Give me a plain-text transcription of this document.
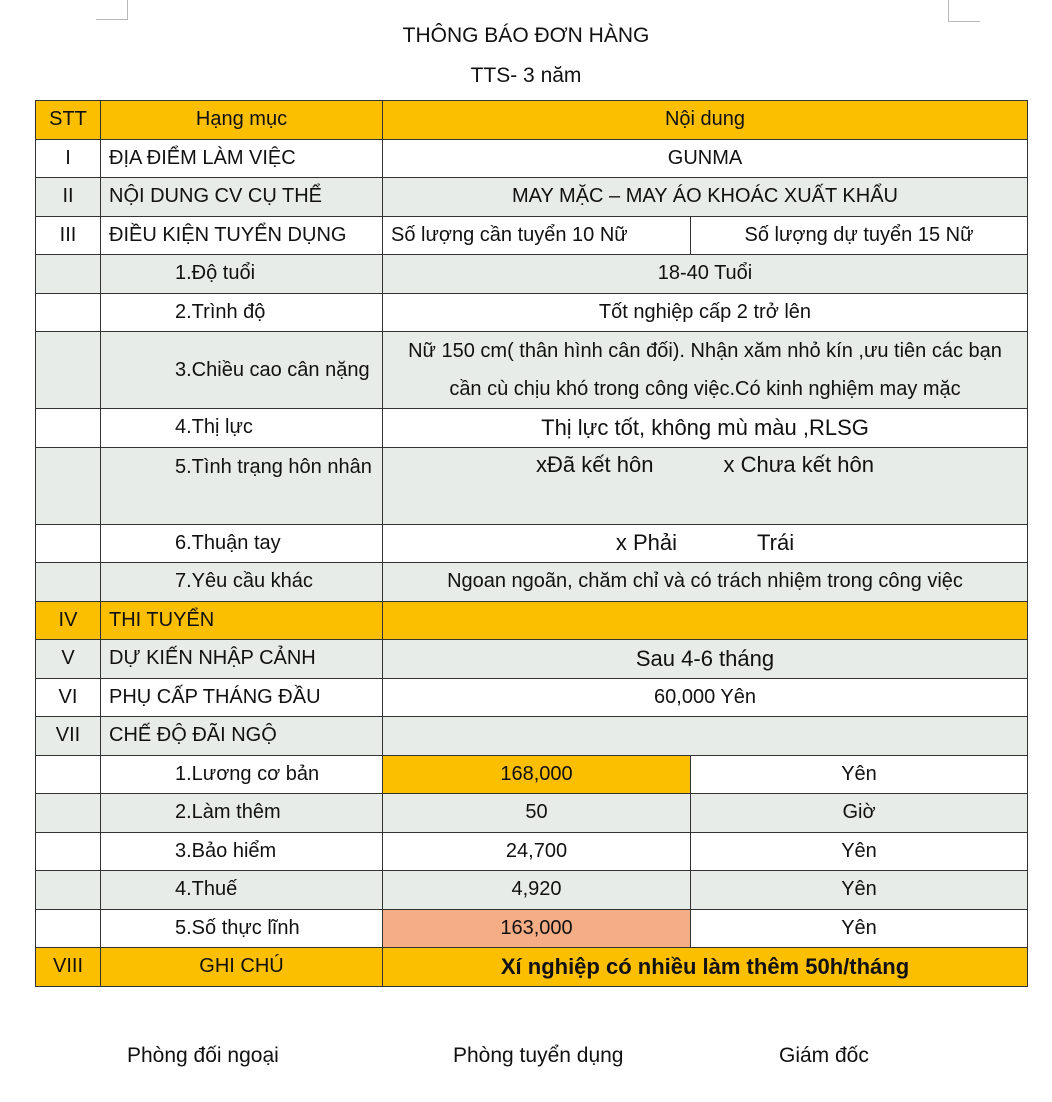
THÔNG BÁO ĐƠN HÀNG
TTS- 3 năm
STT	Hạng mục	Nội dung	
I	ĐỊA ĐIỂM LÀM VIỆC	GUNMA	
II	NỘI DUNG CV CỤ THỂ	MAY MẶC – MAY ÁO KHOÁC XUẤT KHẨU	
III	ĐIỀU KIỆN TUYỂN DỤNG	Số lượng cần tuyển 10 Nữ	Số lượng dự tuyển 15 Nữ
	1.Độ tuổi	18-40 Tuổi	
	2.Trình độ	Tốt nghiệp cấp 2 trở lên	
	3.Chiều cao cân nặng	Nữ 150 cm( thân hình cân đối). Nhận xăm nhỏ kín ,ưu tiên các bạn cần cù chịu khó trong công việc.Có kinh nghiệm may mặc	
	4.Thị lực	Thị lực tốt, không mù màu ,RLSG	
	5.Tình trạng hôn nhân	xĐã kết hôn x Chưa kết hôn	
	6.Thuận tay	x Phải Trái	
	7.Yêu cầu khác	Ngoan ngoãn, chăm chỉ và có trách nhiệm trong công việc	
IV	THI TUYỂN		
V	DỰ KIẾN NHẬP CẢNH	Sau 4-6 tháng	
VI	PHỤ CẤP THÁNG ĐẦU	60,000 Yên	
VII	CHẾ ĐỘ ĐÃI NGỘ		
	1.Lương cơ bản	168,000	Yên
	2.Làm thêm	50	Giờ
	3.Bảo hiểm	24,700	Yên
	4.Thuế	4,920	Yên
	5.Số thực lĩnh	163,000	Yên
VIII	GHI CHÚ	Xí nghiệp có nhiều làm thêm 50h/tháng	
Phòng đối ngoại	Phòng tuyển dụng	Giám đốc
